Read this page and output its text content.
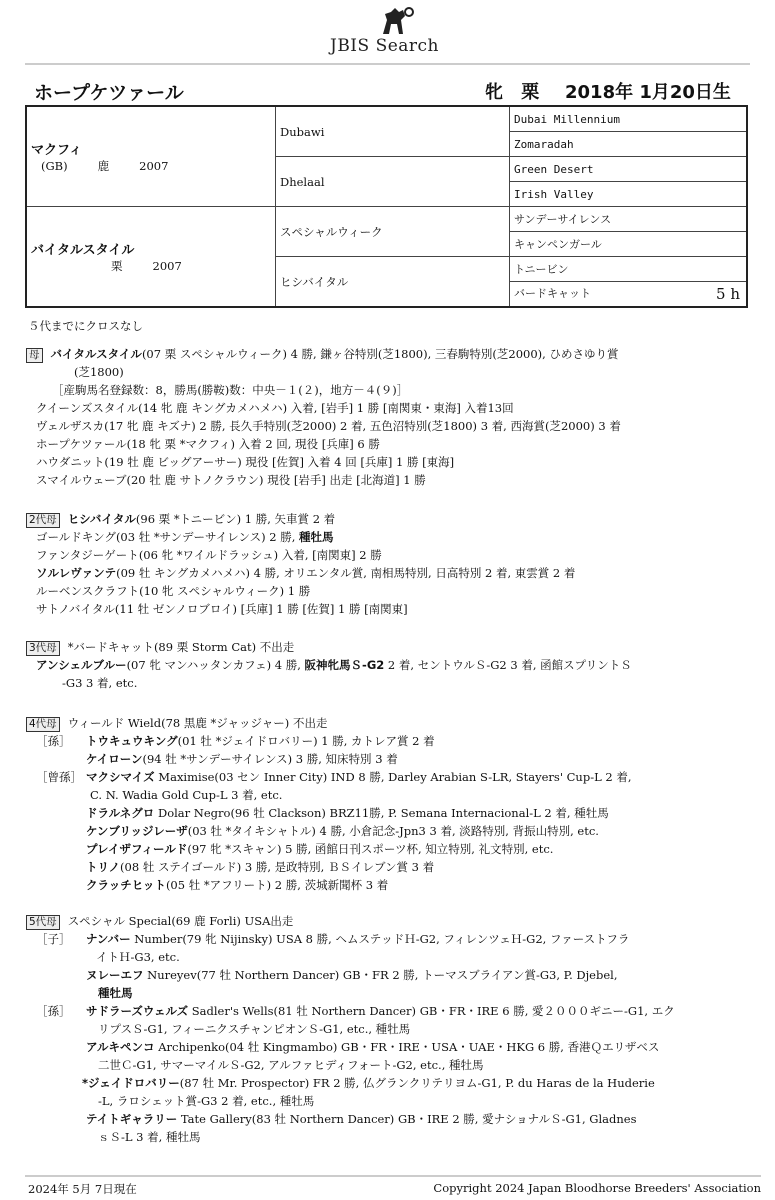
JBIS Search
ホープケツァール	牝 栗 2018年 1月20日生
マクフィ
(GB) 鹿 2007	Dubawi	Dubai Millennium
		Zomaradah
	Dhelaal	Green Desert
		Irish Valley

バイタルスタイル
栗 2007	スペシャルウィーク	サンデーサイレンス
		キャンペンガール
	ヒシバイタル	トニービン
		バードキャット 5 h
５代までにクロスなし
母 バイタルスタイル(07 栗 スペシャルウィーク) 4 勝, 鎌ヶ谷特別(芝1800), 三春駒特別(芝2000), ひめさゆり賞
(芝1800)
［産駒馬名登録数：8，勝馬(勝鞍)数：中央－１(２)，地方－４(９)］
クイーンズスタイル(14 牝 鹿 キングカメハメハ) 入着, [岩手] 1 勝 [南関東・東海] 入着13回
ヴェルザスカ(17 牝 鹿 キズナ) 2 勝, 長久手特別(芝2000) 2 着, 五色沼特別(芝1800) 3 着, 西海賞(芝2000) 3 着
ホープケツァール(18 牝 栗 *マクフィ) 入着 2 回, 現役 [兵庫] 6 勝
ハウダニット(19 牡 鹿 ビッグアーサー) 現役 [佐賀] 入着 4 回 [兵庫] 1 勝 [東海]
スマイルウェーブ(20 牡 鹿 サトノクラウン) 現役 [岩手] 出走 [北海道] 1 勝
2代母 ヒシバイタル(96 栗 *トニービン) 1 勝, 矢車賞 2 着
ゴールドキング(03 牡 *サンデーサイレンス) 2 勝, 種牡馬
ファンタジーゲート(06 牝 *ワイルドラッシュ) 入着, [南関東] 2 勝
ソルレヴァンテ(09 牡 キングカメハメハ) 4 勝, オリエンタル賞, 南相馬特別, 日高特別 2 着, 東雲賞 2 着
ルーベンスクラフト(10 牝 スペシャルウィーク) 1 勝
サトノバイタル(11 牡 ゼンノロブロイ) [兵庫] 1 勝 [佐賀] 1 勝 [南関東]
3代母 *バードキャット(89 栗 Storm Cat) 不出走
アンシェルブルー(07 牝 マンハッタンカフェ) 4 勝, 阪神牝馬Ｓ-G2 2 着, セントウルＳ-G2 3 着, 函館スプリントＳ
-G3 3 着, etc.
4代母 ウィールド Wield(78 黒鹿 *ジャッジャー) 不出走
［孫］ トウキュウキング(01 牡 *ジェイドロバリー) 1 勝, カトレア賞 2 着
ケイローン(94 牡 *サンデーサイレンス) 3 勝, 知床特別 3 着
［曾孫］ マクシマイズ Maximise(03 セン Inner City) IND 8 勝, Darley Arabian S-LR, Stayers' Cup-L 2 着,
C. N. Wadia Gold Cup-L 3 着, etc.
ドラルネグロ Dolar Negro(96 牡 Clackson) BRZ11勝, P. Semana Internacional-L 2 着, 種牡馬
ケンブリッジレーザ(03 牡 *タイキシャトル) 4 勝, 小倉記念-Jpn3 3 着, 淡路特別, 背振山特別, etc.
プレイザフィールド(97 牝 *スキャン) 5 勝, 函館日刊スポーツ杯, 知立特別, 礼文特別, etc.
トリノ(08 牡 ステイゴールド) 3 勝, 是政特別, ＢＳイレブン賞 3 着
クラッチヒット(05 牡 *アフリート) 2 勝, 茨城新聞杯 3 着
5代母 スペシャル Special(69 鹿 Forli) USA出走
［子］ ナンバー Number(79 牝 Nijinsky) USA 8 勝, ヘムステッドＨ-G2, フィレンツェＨ-G2, ファーストフラ
イトＨ-G3, etc.
ヌレーエフ Nureyev(77 牡 Northern Dancer) GB・FR 2 勝, トーマスブライアン賞-G3, P. Djebel,
種牡馬
［孫］ サドラーズウェルズ Sadler's Wells(81 牡 Northern Dancer) GB・FR・IRE 6 勝, 愛２０００ギニー-G1, エク
リプスＳ-G1, フィーニクスチャンピオンＳ-G1, etc., 種牡馬
アルキペンコ Archipenko(04 牡 Kingmambo) GB・FR・IRE・USA・UAE・HKG 6 勝, 香港Ｑエリザベス
二世Ｃ-G1, サマーマイルＳ-G2, アルファヒディフォート-G2, etc., 種牡馬
*ジェイドロバリー(87 牡 Mr. Prospector) FR 2 勝, 仏グランクリテリヨム-G1, P. du Haras de la Huderie
-L, ラロシェット賞-G3 2 着, etc., 種牡馬
テイトギャラリー Tate Gallery(83 牡 Northern Dancer) GB・IRE 2 勝, 愛ナショナルＳ-G1, Gladnes
ｓＳ-L 3 着, 種牡馬
2024年 5月 7日現在	Copyright 2024 Japan Bloodhorse Breeders' Association
